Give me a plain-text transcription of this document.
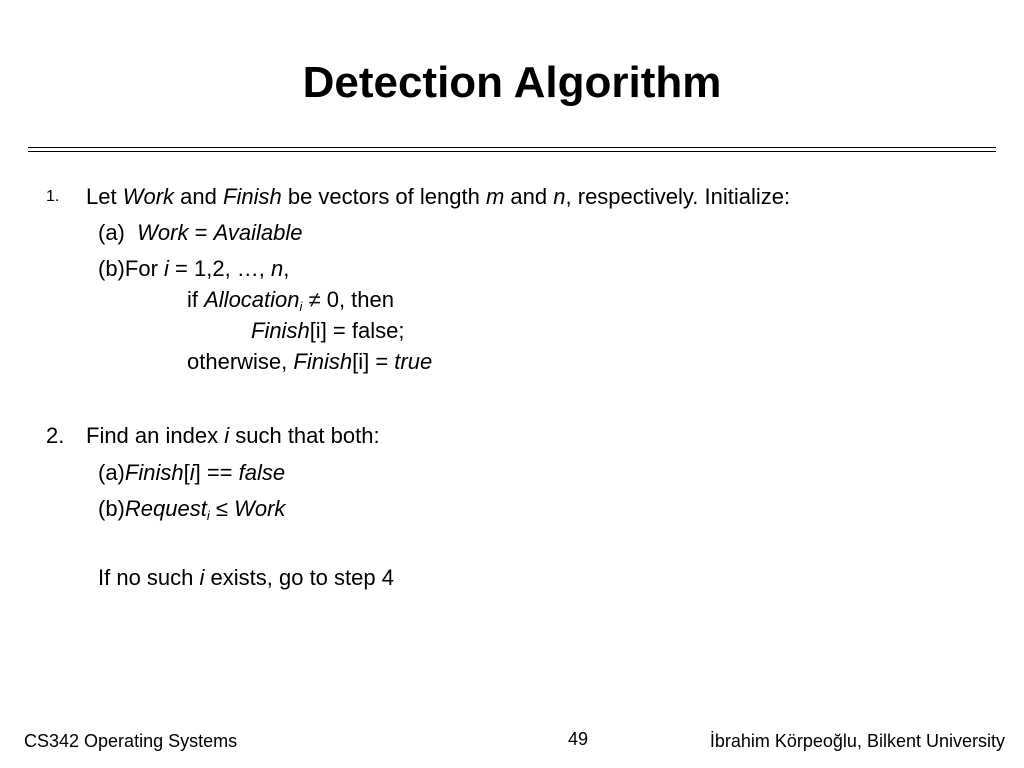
Detection Algorithm
1. Let Work and Finish be vectors of length m and n, respectively. Initialize:
(a) Work = Available
(b)For i = 1,2, …, n,
if Allocation$_i$ ≠ 0, then
Finish[i] = false;
otherwise, Finish[i] = true
2. Find an index i such that both:
(a)Finish[i] == false
(b)Request$_i$ ≤ Work
If no such i exists, go to step 4
CS342 Operating Systems	49	İbrahim Körpeoğlu, Bilkent University
